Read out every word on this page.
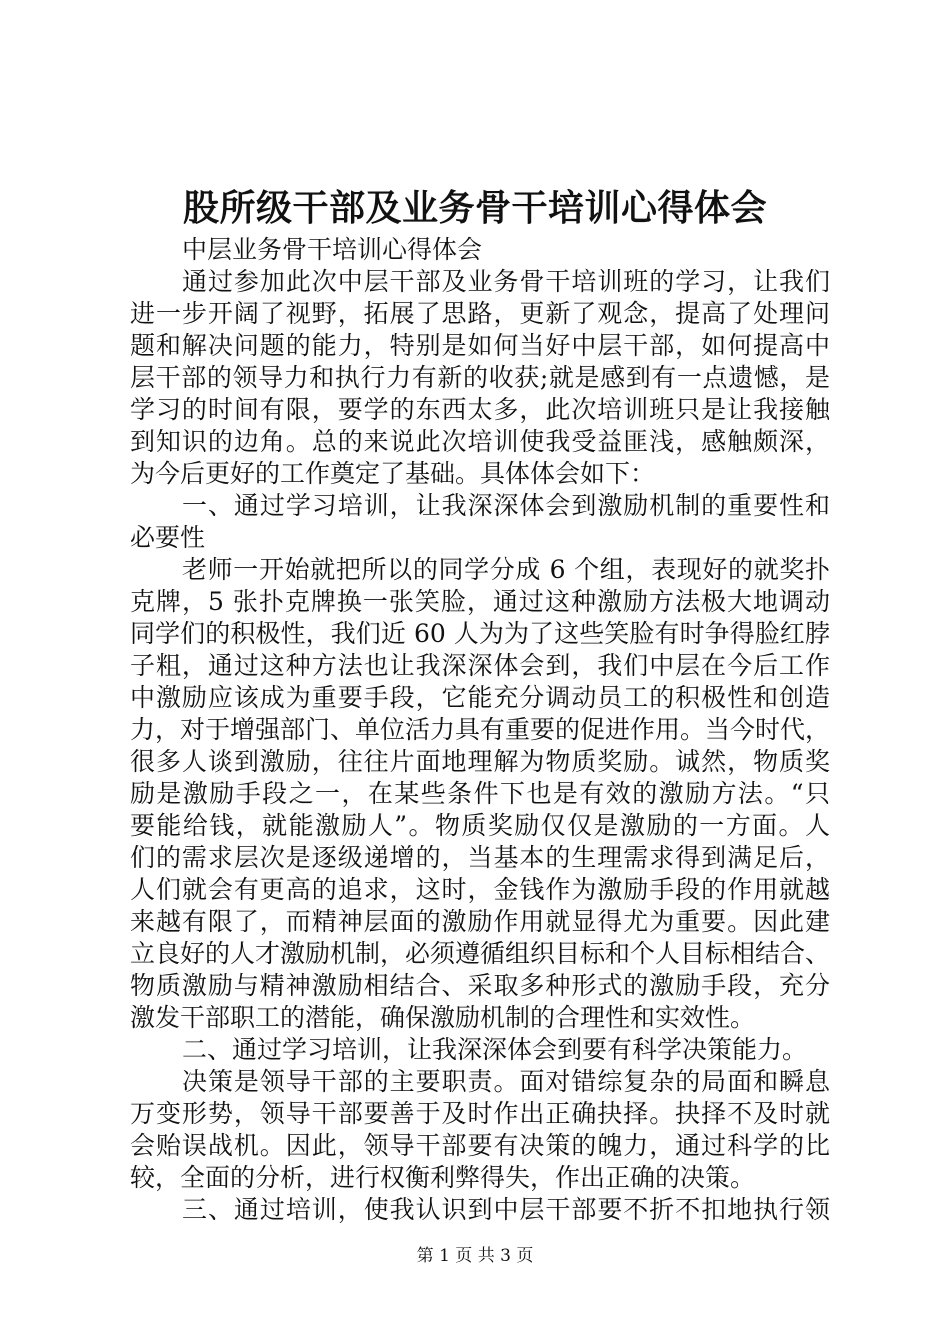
股所级干部及业务骨干培训心得体会
中层业务骨干培训心得体会
通过参加此次中层干部及业务骨干培训班的学习，让我们
进一步开阔了视野，拓展了思路，更新了观念，提高了处理问
题和解决问题的能力，特别是如何当好中层干部，如何提高中
层干部的领导力和执行力有新的收获;就是感到有一点遗憾，是
学习的时间有限，要学的东西太多，此次培训班只是让我接触
到知识的边角。总的来说此次培训使我受益匪浅，感触颇深，
为今后更好的工作奠定了基础。具体体会如下：
一、通过学习培训，让我深深体会到激励机制的重要性和
必要性
老师一开始就把所以的同学分成 6 个组，表现好的就奖扑
克牌，5 张扑克牌换一张笑脸，通过这种激励方法极大地调动
同学们的积极性，我们近 60 人为为了这些笑脸有时争得脸红脖
子粗，通过这种方法也让我深深体会到，我们中层在今后工作
中激励应该成为重要手段，它能充分调动员工的积极性和创造
力，对于增强部门、单位活力具有重要的促进作用。当今时代，
很多人谈到激励，往往片面地理解为物质奖励。诚然，物质奖
励是激励手段之一，在某些条件下也是有效的激励方法。“只
要能给钱，就能激励人”。物质奖励仅仅是激励的一方面。人
们的需求层次是逐级递增的，当基本的生理需求得到满足后，
人们就会有更高的追求，这时，金钱作为激励手段的作用就越
来越有限了，而精神层面的激励作用就显得尤为重要。因此建
立良好的人才激励机制，必须遵循组织目标和个人目标相结合、
物质激励与精神激励相结合、采取多种形式的激励手段，充分
激发干部职工的潜能，确保激励机制的合理性和实效性。
二、通过学习培训，让我深深体会到要有科学决策能力。
决策是领导干部的主要职责。面对错综复杂的局面和瞬息
万变形势，领导干部要善于及时作出正确抉择。抉择不及时就
会贻误战机。因此，领导干部要有决策的魄力，通过科学的比
较，全面的分析，进行权衡利弊得失，作出正确的决策。
三、通过培训，使我认识到中层干部要不折不扣地执行领
第 1 页 共 3 页
